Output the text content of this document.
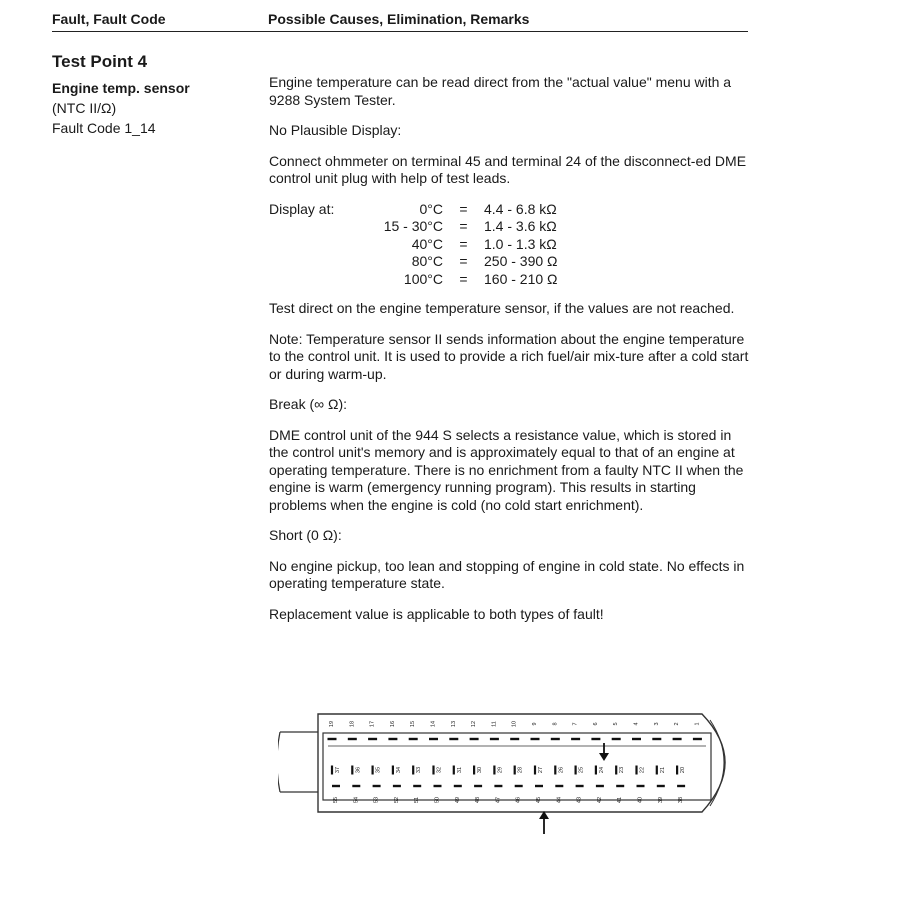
Fault, Fault Code	Possible Causes, Elimination, Remarks
Test Point 4
Engine temp. sensor
(NTC II/Ω)
Fault Code 1_14

Engine temperature can be read direct from the "actual value" menu with a 9288 System Tester.

No Plausible Display:

Connect ohmmeter on terminal 45 and terminal 24 of the disconnect-ed DME control unit plug with help of test leads.

Display at:	0°C	=	4.4 - 6.8 kΩ
15 - 30°C	=	1.4 - 3.6 kΩ
40°C	=	1.0 - 1.3 kΩ
80°C	=	250 - 390 Ω
100°C	=	160 - 210 Ω

Test direct on the engine temperature sensor, if the values are not reached.

Note: Temperature sensor II sends information about the engine temperature to the control unit. It is used to provide a rich fuel/air mix-ture after a cold start or during warm-up.

Break (∞ Ω):

DME control unit of the 944 S selects a resistance value, which is stored in the control unit's memory and is approximately equal to that of an engine at operating temperature. There is no enrichment from a faulty NTC II when the engine is warm (emergency running program). This results in starting problems when the engine is cold (no cold start enrichment).

Short (0 Ω):

No engine pickup, too lean and stopping of engine in cold state. No effects in operating temperature state.

Replacement value is applicable to both types of fault!

19	18	17	16	15	14	13	12	11	10	9	8	7	6	5	4	3	2	1
37	36	35	34	33	32	31	30	29	28	27	26	25	24	23	22	21	20
55	54	53	52	51	50	49	48	47	46	45	44	43	42	41	40	39	38
